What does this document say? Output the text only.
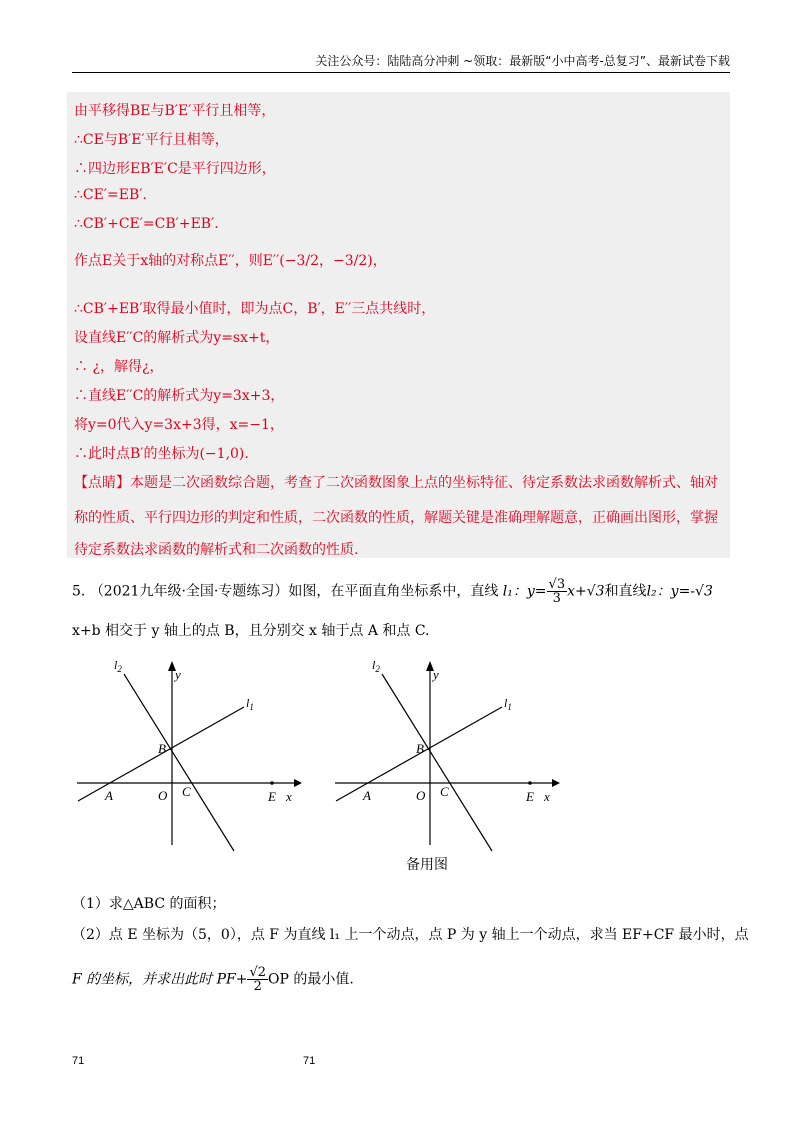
关注公众号：陆陆高分冲刺 ~领取：最新版“小中高考-总复习”、最新试卷下载
由平移得BE与B′E′平行且相等，
∴CE与B′E′平行且相等，
∴四边形EB′E′C是平行四边形，
∴CE′=EB′.
∴CB′+CE′=CB′+EB′.
作点E关于x轴的对称点E′′，则E′′(−3/2，−3/2)，
∴CB′+EB′取得最小值时，即为点C，B′，E′′三点共线时，
设直线E′′C的解析式为y=sx+t，
∴ ¿，解得¿，
∴直线E′′C的解析式为y=3x+3，
将y=0代入y=3x+3得，x=−1，
∴此时点B′的坐标为(−1,0).
【点睛】本题是二次函数综合题，考查了二次函数图象上点的坐标特征、待定系数法求函数解析式、轴对
称的性质、平行四边形的判定和性质，二次函数的性质，解题关键是准确理解题意，正确画出图形，掌握
待定系数法求函数的解析式和二次函数的性质.
5. （2021九年级·全国·专题练习）如图，在平面直角坐标系中，直线 l₁：$y= \frac{√3}{3} x+√3$和直线l₂：y=-√3
x+b 相交于 y 轴上的点 B，且分别交 x 轴于点 A 和点 C.
y
x
$l_2$
$l_1$
B
A	O C	E
y
x
$l_2$
$l_1$
B
A	O C	E
备用图
（1）求△ABC 的面积；
（2）点 E 坐标为（5，0），点 F 为直线 l₁ 上一个动点，点 P 为 y 轴上一个动点，求当 EF+CF 最小时，点
F 的坐标，并求出此时 $PF+ \frac{√2}{2}$ OP 的最小值.
71	71
